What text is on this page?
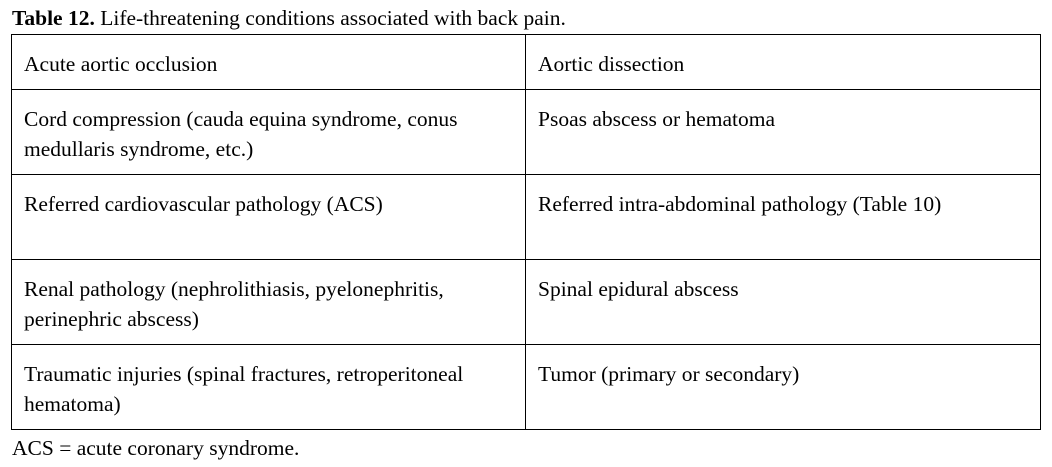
Table 12. Life-threatening conditions associated with back pain.
Acute aortic occlusion	Aortic dissection
Cord compression (cauda equina syndrome, conus medullaris syndrome, etc.)	Psoas abscess or hematoma
Referred cardiovascular pathology (ACS)	Referred intra-abdominal pathology (Table 10)
Renal pathology (nephrolithiasis, pyelonephritis, perinephric abscess)	Spinal epidural abscess
Traumatic injuries (spinal fractures, retroperitoneal hematoma)	Tumor (primary or secondary)
ACS = acute coronary syndrome.
